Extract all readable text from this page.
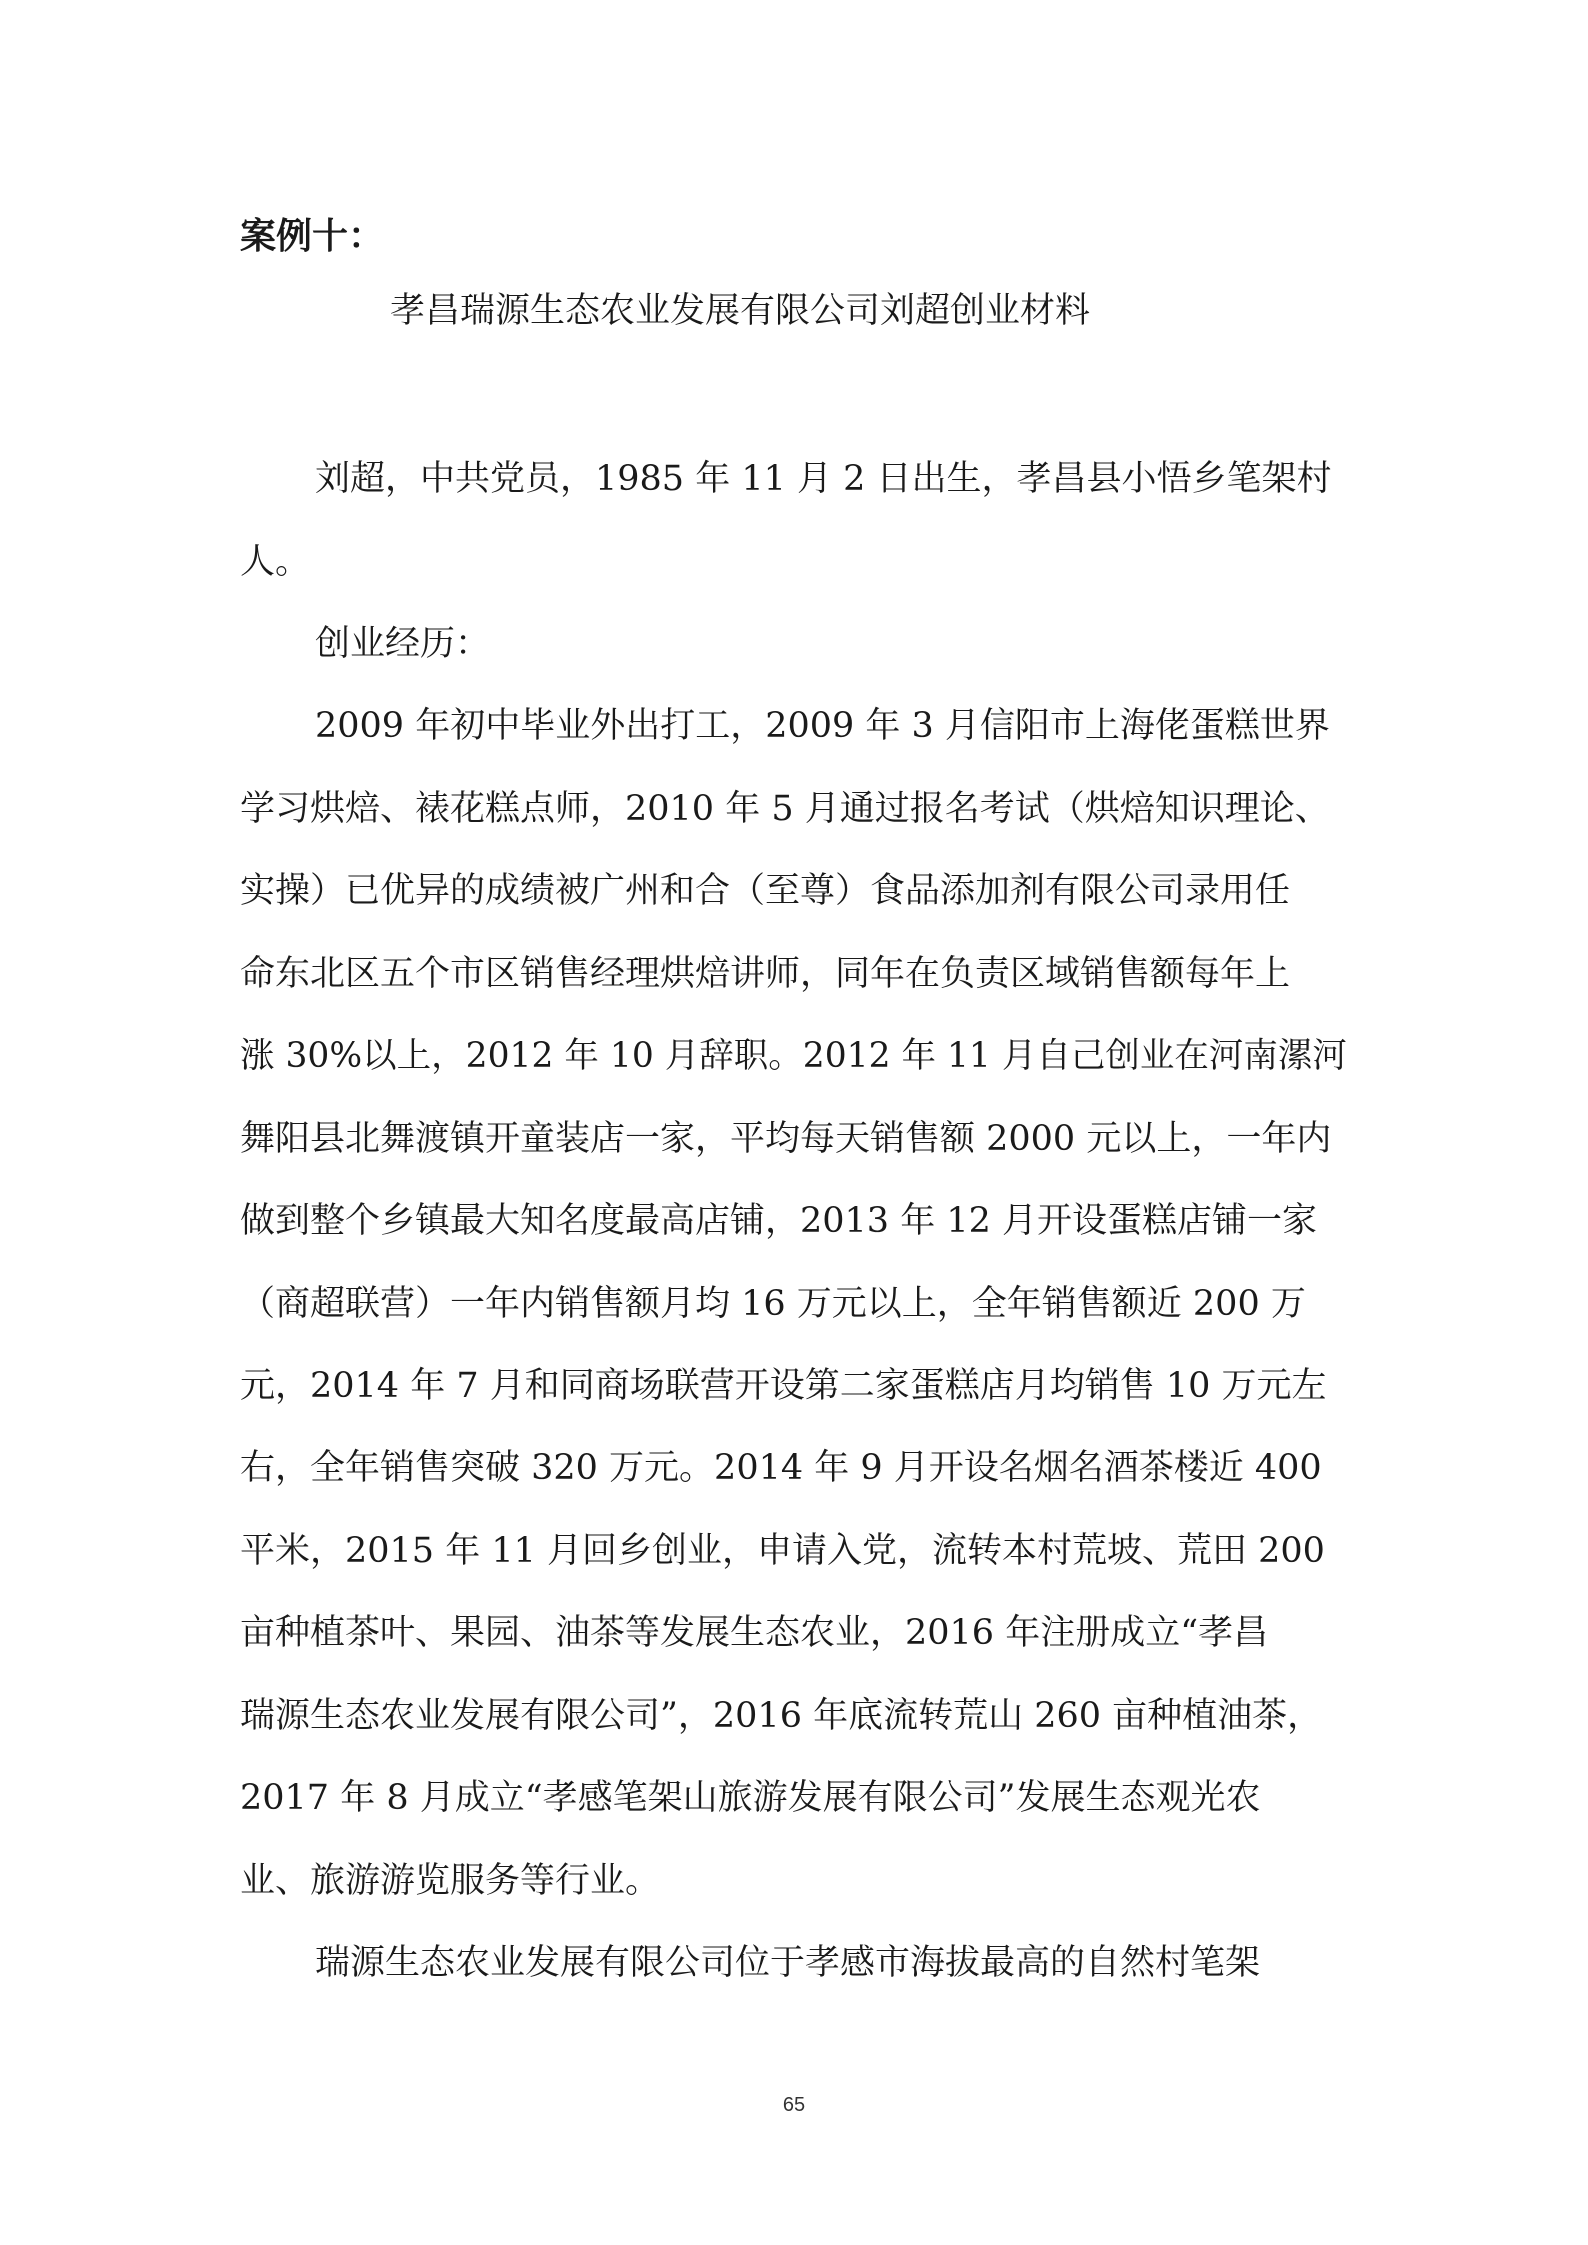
案例十：
孝昌瑞源生态农业发展有限公司刘超创业材料
刘超，中共党员，1985 年 11 月 2 日出生，孝昌县小悟乡笔架村
人。
创业经历：
2009 年初中毕业外出打工，2009 年 3 月信阳市上海佬蛋糕世界
学习烘焙、裱花糕点师，2010 年 5 月通过报名考试（烘焙知识理论、
实操）已优异的成绩被广州和合（至尊）食品添加剂有限公司录用任
命东北区五个市区销售经理烘焙讲师，同年在负责区域销售额每年上
涨 30%以上，2012 年 10 月辞职。2012 年 11 月自己创业在河南漯河
舞阳县北舞渡镇开童装店一家，平均每天销售额 2000 元以上，一年内
做到整个乡镇最大知名度最高店铺，2013 年 12 月开设蛋糕店铺一家
（商超联营）一年内销售额月均 16 万元以上，全年销售额近 200 万
元，2014 年 7 月和同商场联营开设第二家蛋糕店月均销售 10 万元左
右，全年销售突破 320 万元。2014 年 9 月开设名烟名酒茶楼近 400
平米，2015 年 11 月回乡创业，申请入党，流转本村荒坡、荒田 200
亩种植茶叶、果园、油茶等发展生态农业，2016 年注册成立“孝昌
瑞源生态农业发展有限公司”，2016 年底流转荒山 260 亩种植油茶，
2017 年 8 月成立“孝感笔架山旅游发展有限公司”发展生态观光农
业、旅游游览服务等行业。
瑞源生态农业发展有限公司位于孝感市海拔最高的自然村笔架
65
